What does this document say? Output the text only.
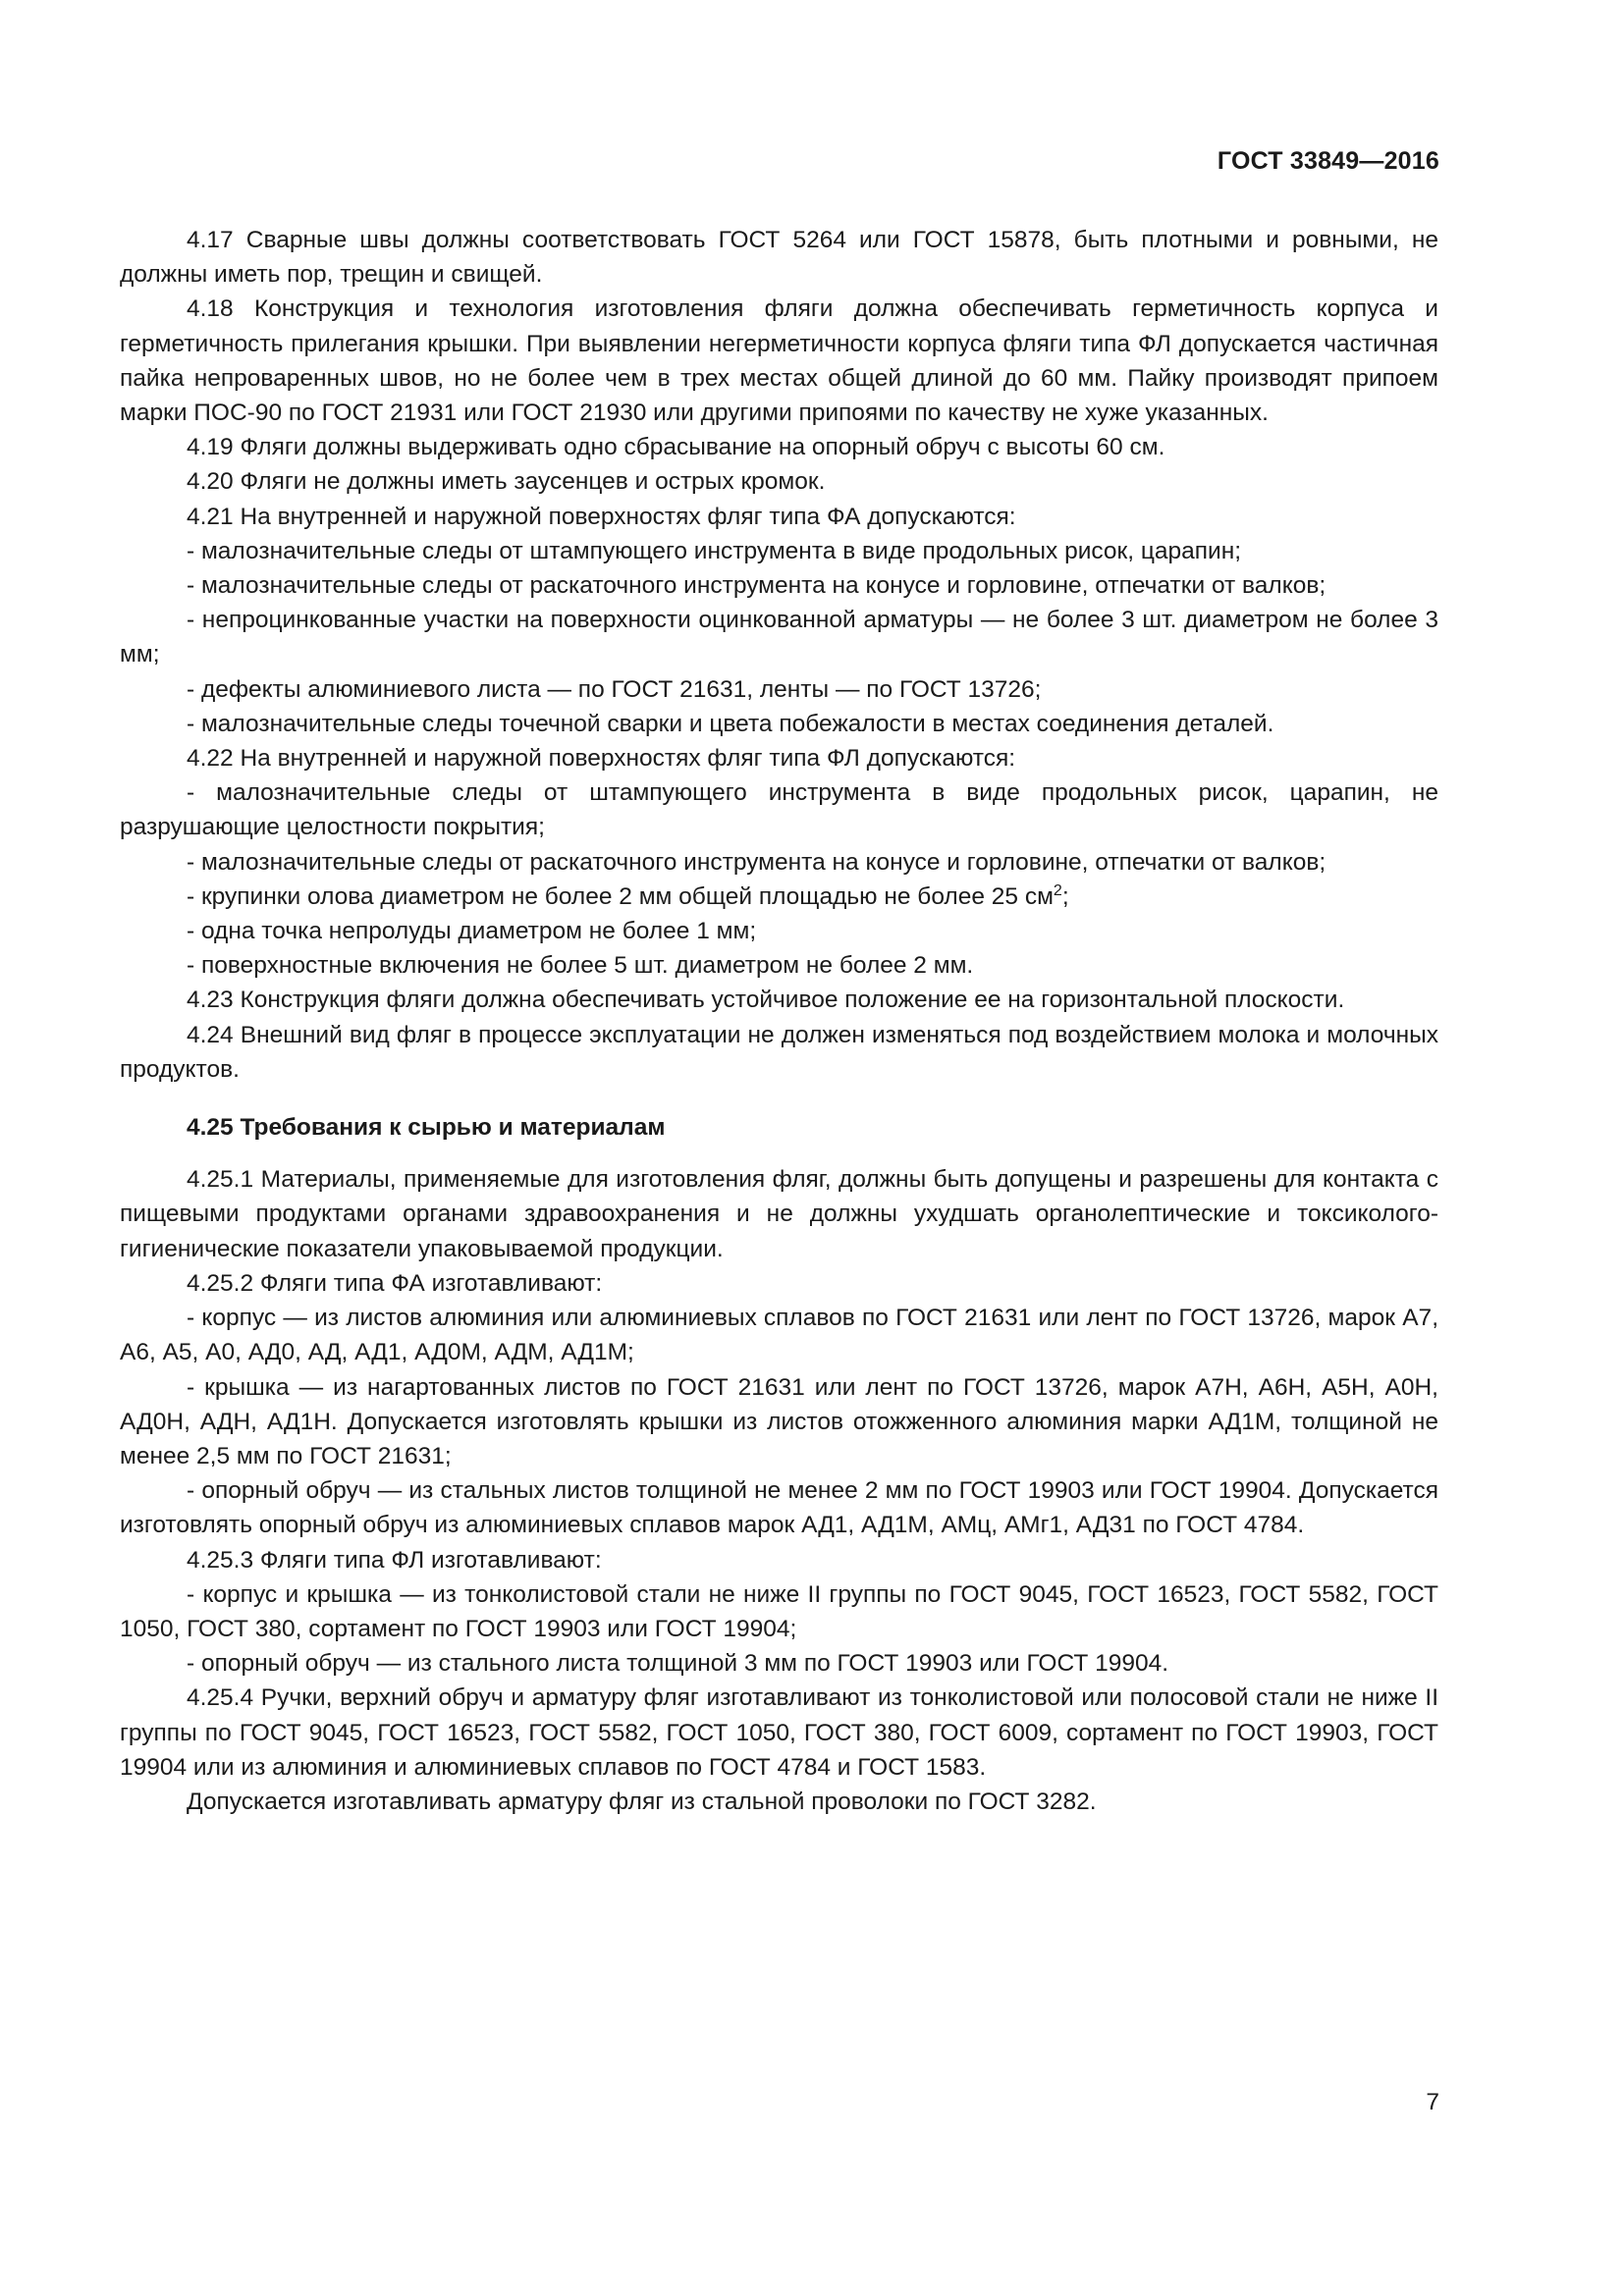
ГОСТ 33849—2016

4.17 Сварные швы должны соответствовать ГОСТ 5264 или ГОСТ 15878, быть плотными и ровными, не должны иметь пор, трещин и свищей.

4.18 Конструкция и технология изготовления фляги должна обеспечивать герметичность корпуса и герметичность прилегания крышки. При выявлении негерметичности корпуса фляги типа ФЛ допускается частичная пайка непроваренных швов, но не более чем в трех местах общей длиной до 60 мм. Пайку производят припоем марки ПОС-90 по ГОСТ 21931 или ГОСТ 21930 или другими припоями по качеству не хуже указанных.

4.19 Фляги должны выдерживать одно сбрасывание на опорный обруч с высоты 60 см.

4.20 Фляги не должны иметь заусенцев и острых кромок.

4.21 На внутренней и наружной поверхностях фляг типа ФА допускаются:

- малозначительные следы от штампующего инструмента в виде продольных рисок, царапин;

- малозначительные следы от раскаточного инструмента на конусе и горловине, отпечатки от валков;

- непроцинкованные участки на поверхности оцинкованной арматуры — не более 3 шт. диаметром не более 3 мм;

- дефекты алюминиевого листа — по ГОСТ 21631, ленты — по ГОСТ 13726;

- малозначительные следы точечной сварки и цвета побежалости в местах соединения деталей.

4.22 На внутренней и наружной поверхностях фляг типа ФЛ допускаются:

- малозначительные следы от штампующего инструмента в виде продольных рисок, царапин, не разрушающие целостности покрытия;

- малозначительные следы от раскаточного инструмента на конусе и горловине, отпечатки от валков;

- крупинки олова диаметром не более 2 мм общей площадью не более 25 $см^2$;

- одна точка непролуды диаметром не более 1 мм;

- поверхностные включения не более 5 шт. диаметром не более 2 мм.

4.23 Конструкция фляги должна обеспечивать устойчивое положение ее на горизонтальной плоскости.

4.24 Внешний вид фляг в процессе эксплуатации не должен изменяться под воздействием молока и молочных продуктов.

4.25 Требования к сырью и материалам

4.25.1 Материалы, применяемые для изготовления фляг, должны быть допущены и разрешены для контакта с пищевыми продуктами органами здравоохранения и не должны ухудшать органолептические и токсиколого-гигиенические показатели упаковываемой продукции.

4.25.2 Фляги типа ФА изготавливают:

- корпус — из листов алюминия или алюминиевых сплавов по ГОСТ 21631 или лент по ГОСТ 13726, марок А7, А6, А5, А0, АД0, АД, АД1, АД0М, АДМ, АД1М;

- крышка — из нагартованных листов по ГОСТ 21631 или лент по ГОСТ 13726, марок А7Н, А6Н, А5Н, А0Н, АД0Н, АДН, АД1Н. Допускается изготовлять крышки из листов отожженного алюминия марки АД1М, толщиной не менее 2,5 мм по ГОСТ 21631;

- опорный обруч — из стальных листов толщиной не менее 2 мм по ГОСТ 19903 или ГОСТ 19904. Допускается изготовлять опорный обруч из алюминиевых сплавов марок АД1, АД1М, АМц, АМг1, АД31 по ГОСТ 4784.

4.25.3 Фляги типа ФЛ изготавливают:

- корпус и крышка — из тонколистовой стали не ниже II группы по ГОСТ 9045, ГОСТ 16523, ГОСТ 5582, ГОСТ 1050, ГОСТ 380, сортамент по ГОСТ 19903 или ГОСТ 19904;

- опорный обруч — из стального листа толщиной 3 мм по ГОСТ 19903 или ГОСТ 19904.

4.25.4 Ручки, верхний обруч и арматуру фляг изготавливают из тонколистовой или полосовой стали не ниже II группы по ГОСТ 9045, ГОСТ 16523, ГОСТ 5582, ГОСТ 1050, ГОСТ 380, ГОСТ 6009, сортамент по ГОСТ 19903, ГОСТ 19904 или из алюминия и алюминиевых сплавов по ГОСТ 4784 и ГОСТ 1583.

Допускается изготавливать арматуру фляг из стальной проволоки по ГОСТ 3282.

7
